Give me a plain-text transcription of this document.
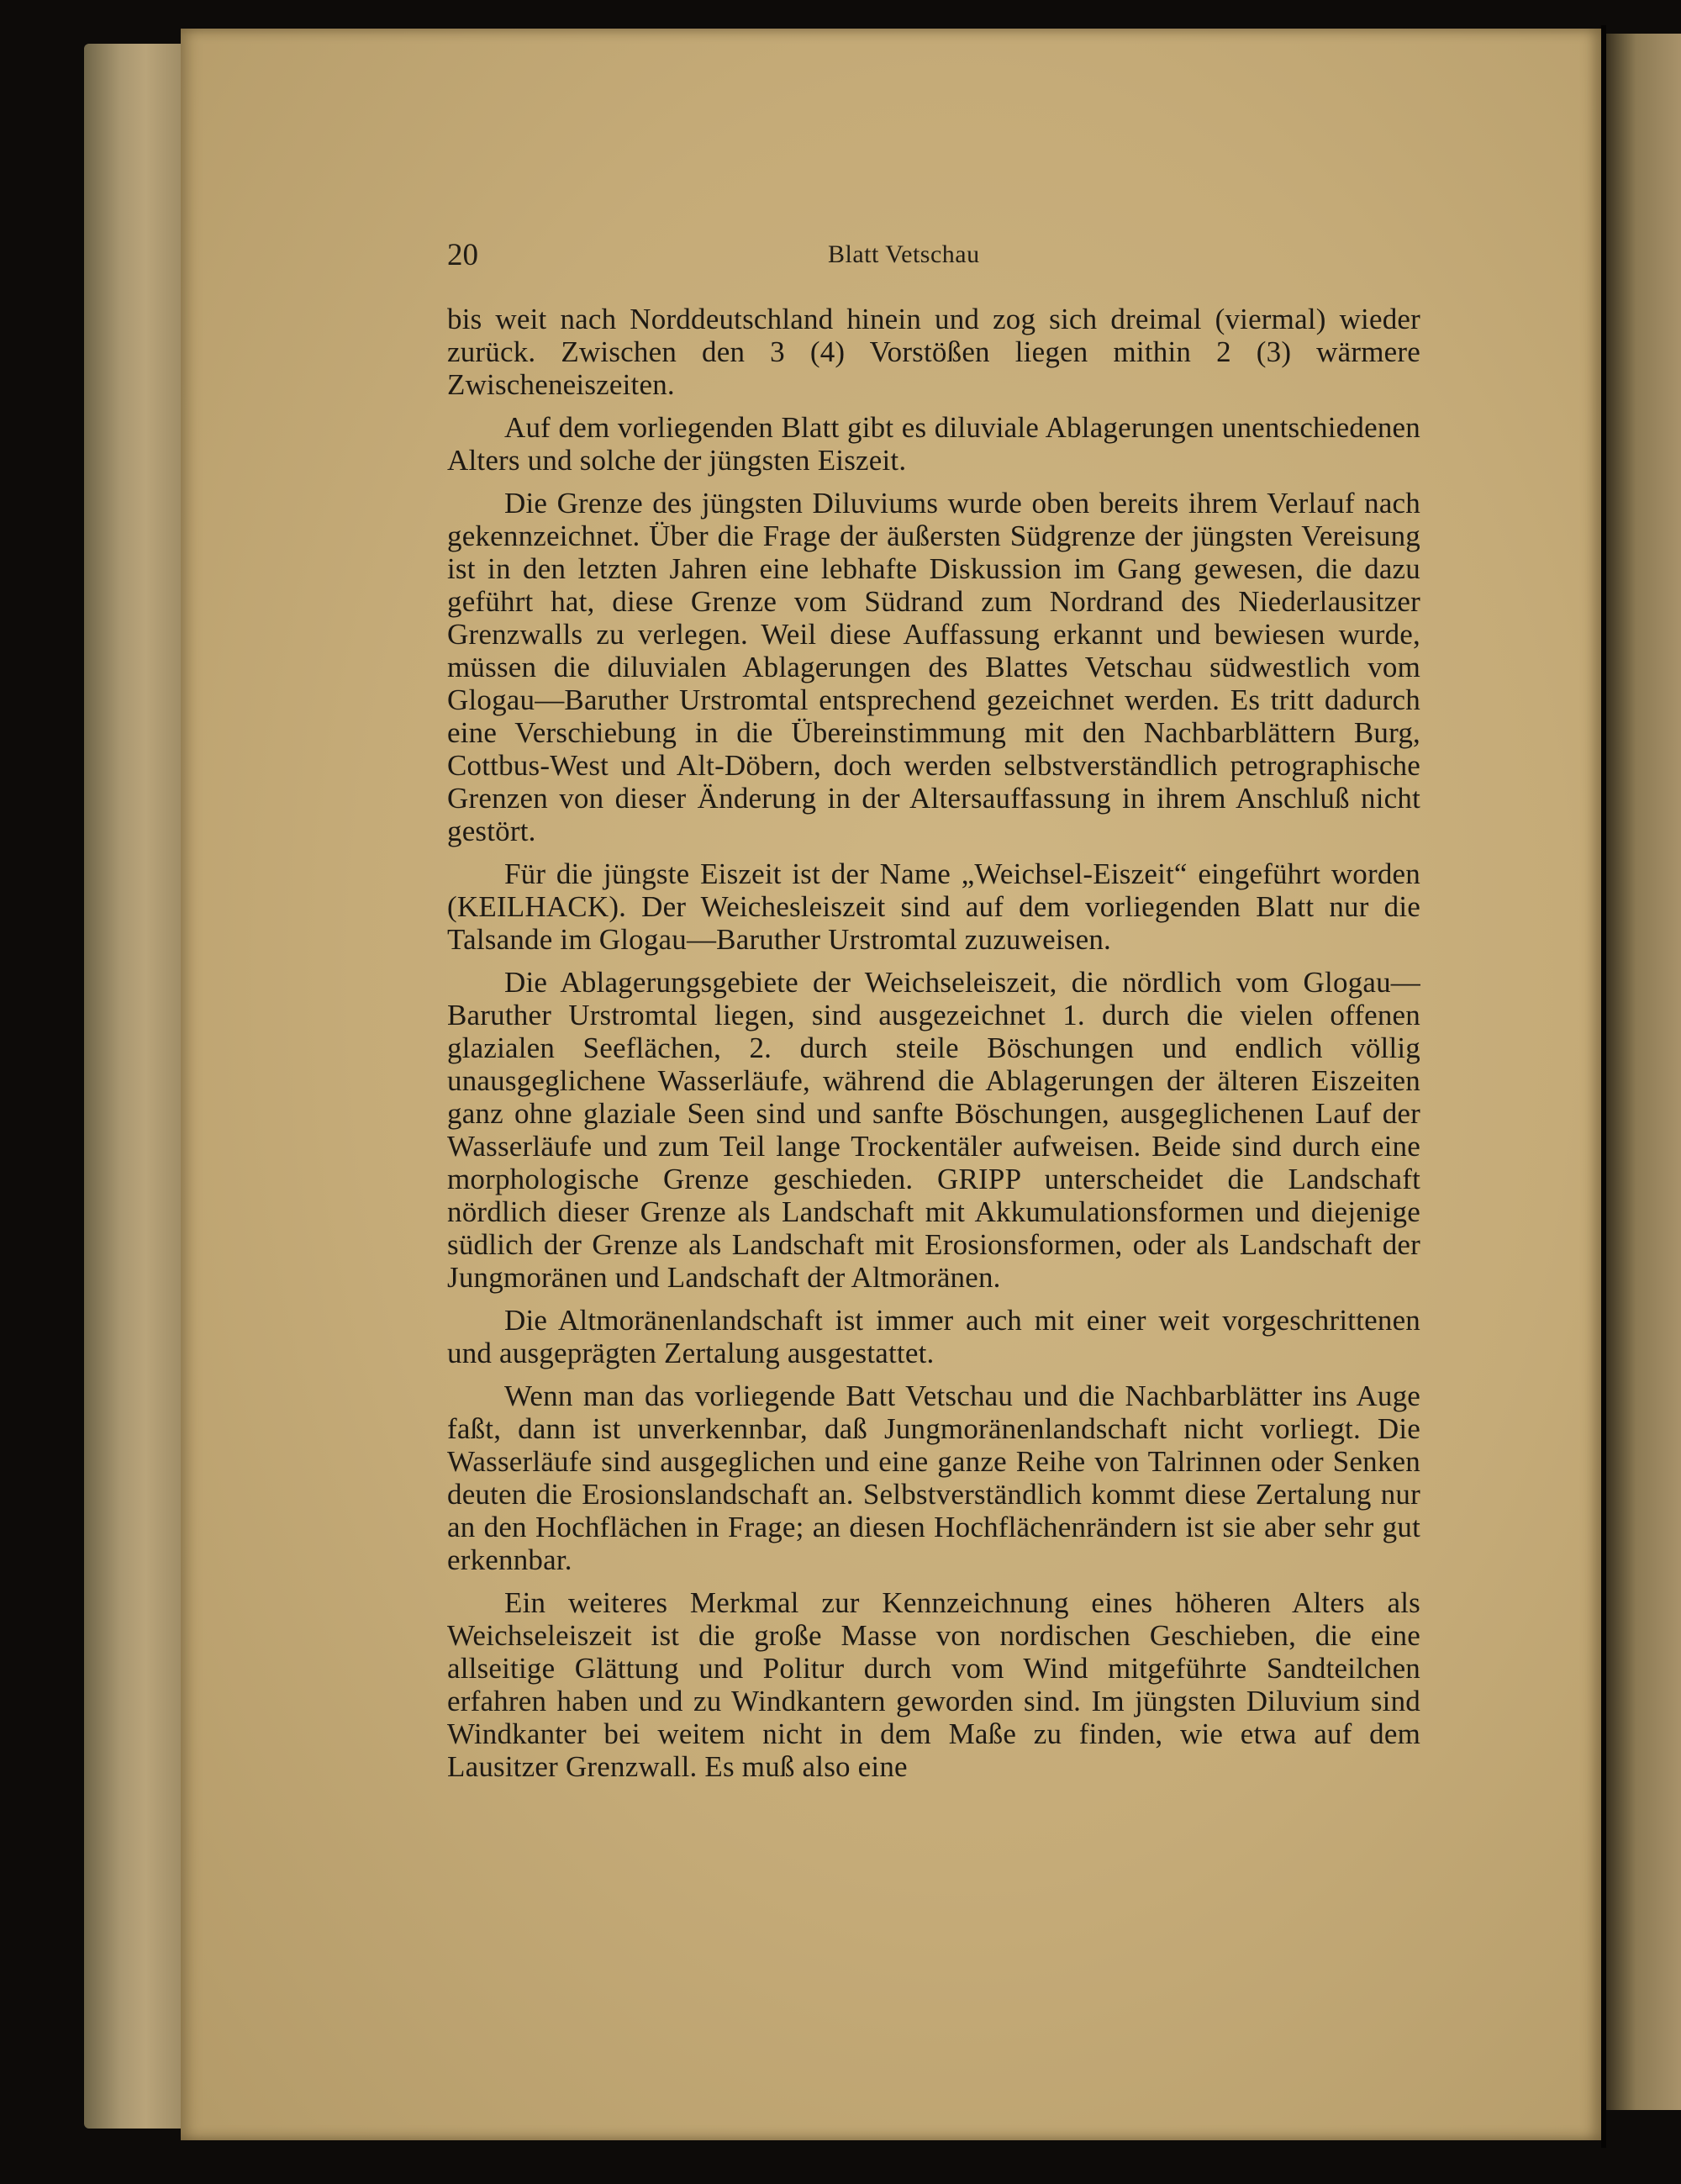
20	Blatt Vetschau

bis weit nach Norddeutschland hinein und zog sich dreimal (viermal) wieder zurück. Zwischen den 3 (4) Vorstößen liegen mithin 2 (3) wärmere Zwischeneiszeiten.

Auf dem vorliegenden Blatt gibt es diluviale Ablagerungen unentschiedenen Alters und solche der jüngsten Eiszeit.

Die Grenze des jüngsten Diluviums wurde oben bereits ihrem Verlauf nach gekennzeichnet. Über die Frage der äußersten Südgrenze der jüngsten Vereisung ist in den letzten Jahren eine lebhafte Diskussion im Gang gewesen, die dazu geführt hat, diese Grenze vom Südrand zum Nordrand des Niederlausitzer Grenzwalls zu verlegen. Weil diese Auffassung erkannt und bewiesen wurde, müssen die diluvialen Ablagerungen des Blattes Vetschau südwestlich vom Glogau—Baruther Urstromtal entsprechend gezeichnet werden. Es tritt dadurch eine Verschiebung in die Übereinstimmung mit den Nachbarblättern Burg, Cottbus-West und Alt-Döbern, doch werden selbstverständlich petrographische Grenzen von dieser Änderung in der Altersauffassung in ihrem Anschluß nicht gestört.

Für die jüngste Eiszeit ist der Name „Weichsel-Eiszeit“ eingeführt worden (KEILHACK). Der Weichesleiszeit sind auf dem vorliegenden Blatt nur die Talsande im Glogau—Baruther Urstromtal zuzuweisen.

Die Ablagerungsgebiete der Weichseleiszeit, die nördlich vom Glogau—Baruther Urstromtal liegen, sind ausgezeichnet 1. durch die vielen offenen glazialen Seeflächen, 2. durch steile Böschungen und endlich völlig unausgeglichene Wasserläufe, während die Ablagerungen der älteren Eiszeiten ganz ohne glaziale Seen sind und sanfte Böschungen, ausgeglichenen Lauf der Wasserläufe und zum Teil lange Trockentäler aufweisen. Beide sind durch eine morphologische Grenze geschieden. GRIPP unterscheidet die Landschaft nördlich dieser Grenze als Landschaft mit Akkumulationsformen und diejenige südlich der Grenze als Landschaft mit Erosionsformen, oder als Landschaft der Jungmoränen und Landschaft der Altmoränen.

Die Altmoränenlandschaft ist immer auch mit einer weit vorgeschrittenen und ausgeprägten Zertalung ausgestattet.

Wenn man das vorliegende Batt Vetschau und die Nachbarblätter ins Auge faßt, dann ist unverkennbar, daß Jungmoränenlandschaft nicht vorliegt. Die Wasserläufe sind ausgeglichen und eine ganze Reihe von Talrinnen oder Senken deuten die Erosionslandschaft an. Selbstverständlich kommt diese Zertalung nur an den Hochflächen in Frage; an diesen Hochflächenrändern ist sie aber sehr gut erkennbar.

Ein weiteres Merkmal zur Kennzeichnung eines höheren Alters als Weichseleiszeit ist die große Masse von nordischen Geschieben, die eine allseitige Glättung und Politur durch vom Wind mitgeführte Sandteilchen erfahren haben und zu Windkantern geworden sind. Im jüngsten Diluvium sind Windkanter bei weitem nicht in dem Maße zu finden, wie etwa auf dem Lausitzer Grenzwall. Es muß also eine
